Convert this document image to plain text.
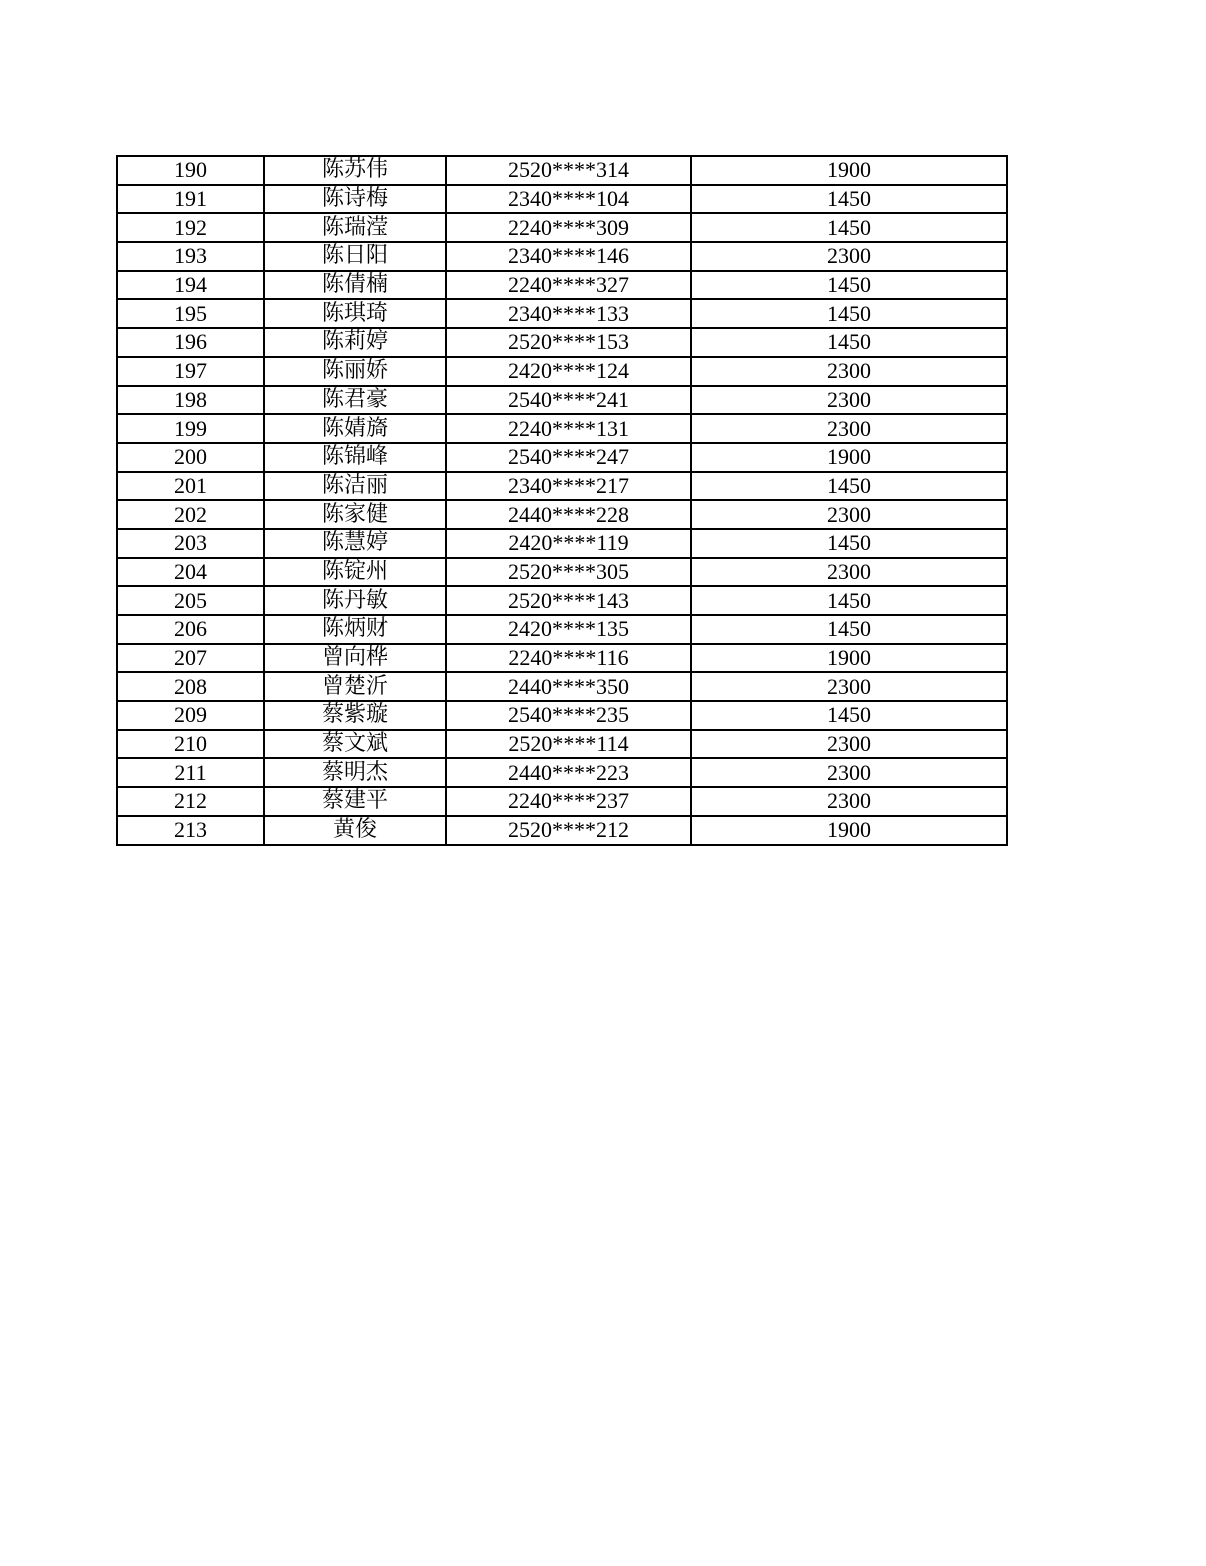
190	陈苏伟	2520****314	1900
191	陈诗梅	2340****104	1450
192	陈瑞滢	2240****309	1450
193	陈日阳	2340****146	2300
194	陈倩楠	2240****327	1450
195	陈琪琦	2340****133	1450
196	陈莉婷	2520****153	1450
197	陈丽娇	2420****124	2300
198	陈君豪	2540****241	2300
199	陈婧旖	2240****131	2300
200	陈锦峰	2540****247	1900
201	陈洁丽	2340****217	1450
202	陈家健	2440****228	2300
203	陈慧婷	2420****119	1450
204	陈锭州	2520****305	2300
205	陈丹敏	2520****143	1450
206	陈炳财	2420****135	1450
207	曾向桦	2240****116	1900
208	曾楚沂	2440****350	2300
209	蔡紫璇	2540****235	1450
210	蔡文斌	2520****114	2300
211	蔡明杰	2440****223	2300
212	蔡建平	2240****237	2300
213	黄俊	2520****212	1900
